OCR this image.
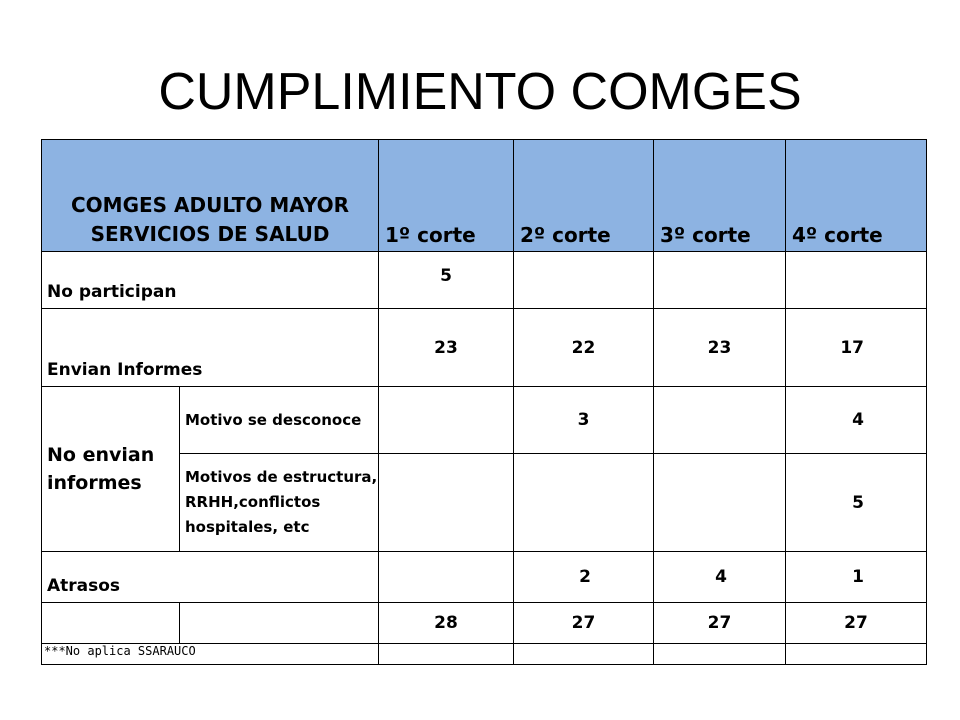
CUMPLIMIENTO COMGES
COMGES ADULTO MAYOR SERVICIOS DE SALUD		1º corte	2º corte	3º corte	4º corte
No participan		5			
Envian Informes		23	22	23	17
No envian informes	Motivo se desconoce		3		4
	Motivos de estructura, RRHH,conflictos hospitales, etc				5
Atrasos			2	4	1
		28	27	27	27
***No aplica SSARAUCO					
